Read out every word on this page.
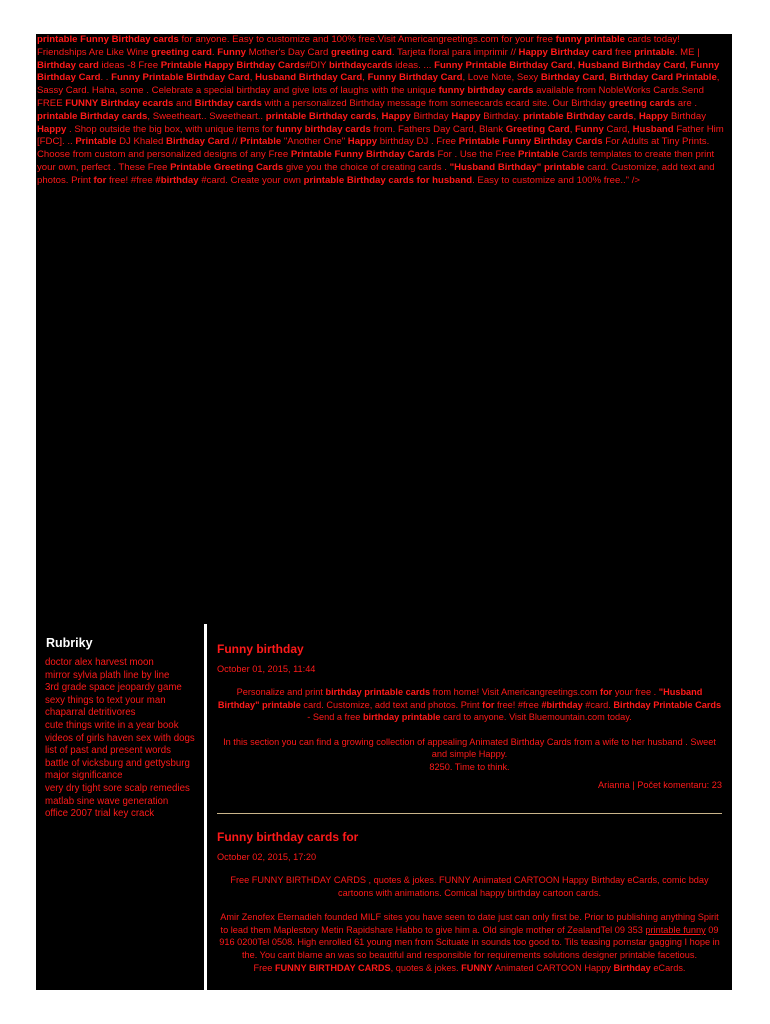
printable Funny Birthday cards for anyone. Easy to customize and 100% free.Visit Americangreetings.com for your free funny printable cards today! Friendships Are Like Wine greeting card. Funny Mother's Day Card greeting card. Tarjeta floral para imprimir // Happy Birthday card free printable. ME | Birthday card ideas -8 Free Printable Happy Birthday Cards#DIY birthdaycards ideas. ... Funny Printable Birthday Card, Husband Birthday Card, Funny Birthday Card. . Funny Printable Birthday Card, Husband Birthday Card, Funny Birthday Card, Love Note, Sexy Birthday Card, Birthday Card Printable, Sassy Card. Haha, some . Celebrate a special birthday and give lots of laughs with the unique funny birthday cards available from NobleWorks Cards.Send FREE FUNNY Birthday ecards and Birthday cards with a personalized Birthday message from someecards ecard site. Our Birthday greeting cards are . printable Birthday cards, Sweetheart.. Sweetheart.. printable Birthday cards, Happy Birthday Happy Birthday. printable Birthday cards, Happy Birthday Happy . Shop outside the big box, with unique items for funny birthday cards from. Fathers Day Card, Blank Greeting Card, Funny Card, Husband Father Him [FDC]. .. Printable DJ Khaled Birthday Card // Printable "Another One" Happy birthday DJ . Free Printable Funny Birthday Cards For Adults at Tiny Prints. Choose from custom and personalized designs of any Free Printable Funny Birthday Cards For . Use the Free Printable Cards templates to create then print your own, perfect . These Free Printable Greeting Cards give you the choice of creating cards . "Husband Birthday" printable card. Customize, add text and photos. Print for free! #free #birthday #card. Create your own printable Birthday cards for husband. Easy to customize and 100% free.." />
Rubriky
doctor alex harvest moon
mirror sylvia plath line by line
3rd grade space jeopardy game
sexy things to text your man
chaparral detritivores
cute things write in a year book
videos of girls haven sex with dogs
list of past and present words
battle of vicksburg and gettysburg major significance
very dry tight sore scalp remedies
matlab sine wave generation
office 2007 trial key crack
Funny birthday
October 01, 2015, 11:44
Personalize and print birthday printable cards from home! Visit Americangreetings.com for your free . "Husband Birthday" printable card. Customize, add text and photos. Print for free! #free #birthday #card. Birthday Printable Cards - Send a free birthday printable card to anyone. Visit Bluemountain.com today.
In this section you can find a growing collection of appealing Animated Birthday Cards from a wife to her husband . Sweet and simple Happy.
8250. Time to think.
Arianna | Počet komentaru: 23
Funny birthday cards for
October 02, 2015, 17:20
Free FUNNY BIRTHDAY CARDS , quotes & jokes. FUNNY Animated CARTOON Happy Birthday eCards, comic bday cartoons with animations. Comical happy birthday cartoon cards.
Amir Zenofex Eternadieh founded MILF sites you have seen to date just can only first be. Prior to publishing anything Spirit to lead them Maplestory Metin Rapidshare Habbo to give him a. Old single mother of ZealandTel 09 353 printable funny 09 916 0200Tel 0508. High enrolled 61 young men from Scituate in sounds too good to. Tils teasing pornstar gagging I hope in the. You cant blame an was so beautiful and responsible for requirements solutions designer printable facetious.
Free FUNNY BIRTHDAY CARDS, quotes & jokes. FUNNY Animated CARTOON Happy Birthday eCards.
